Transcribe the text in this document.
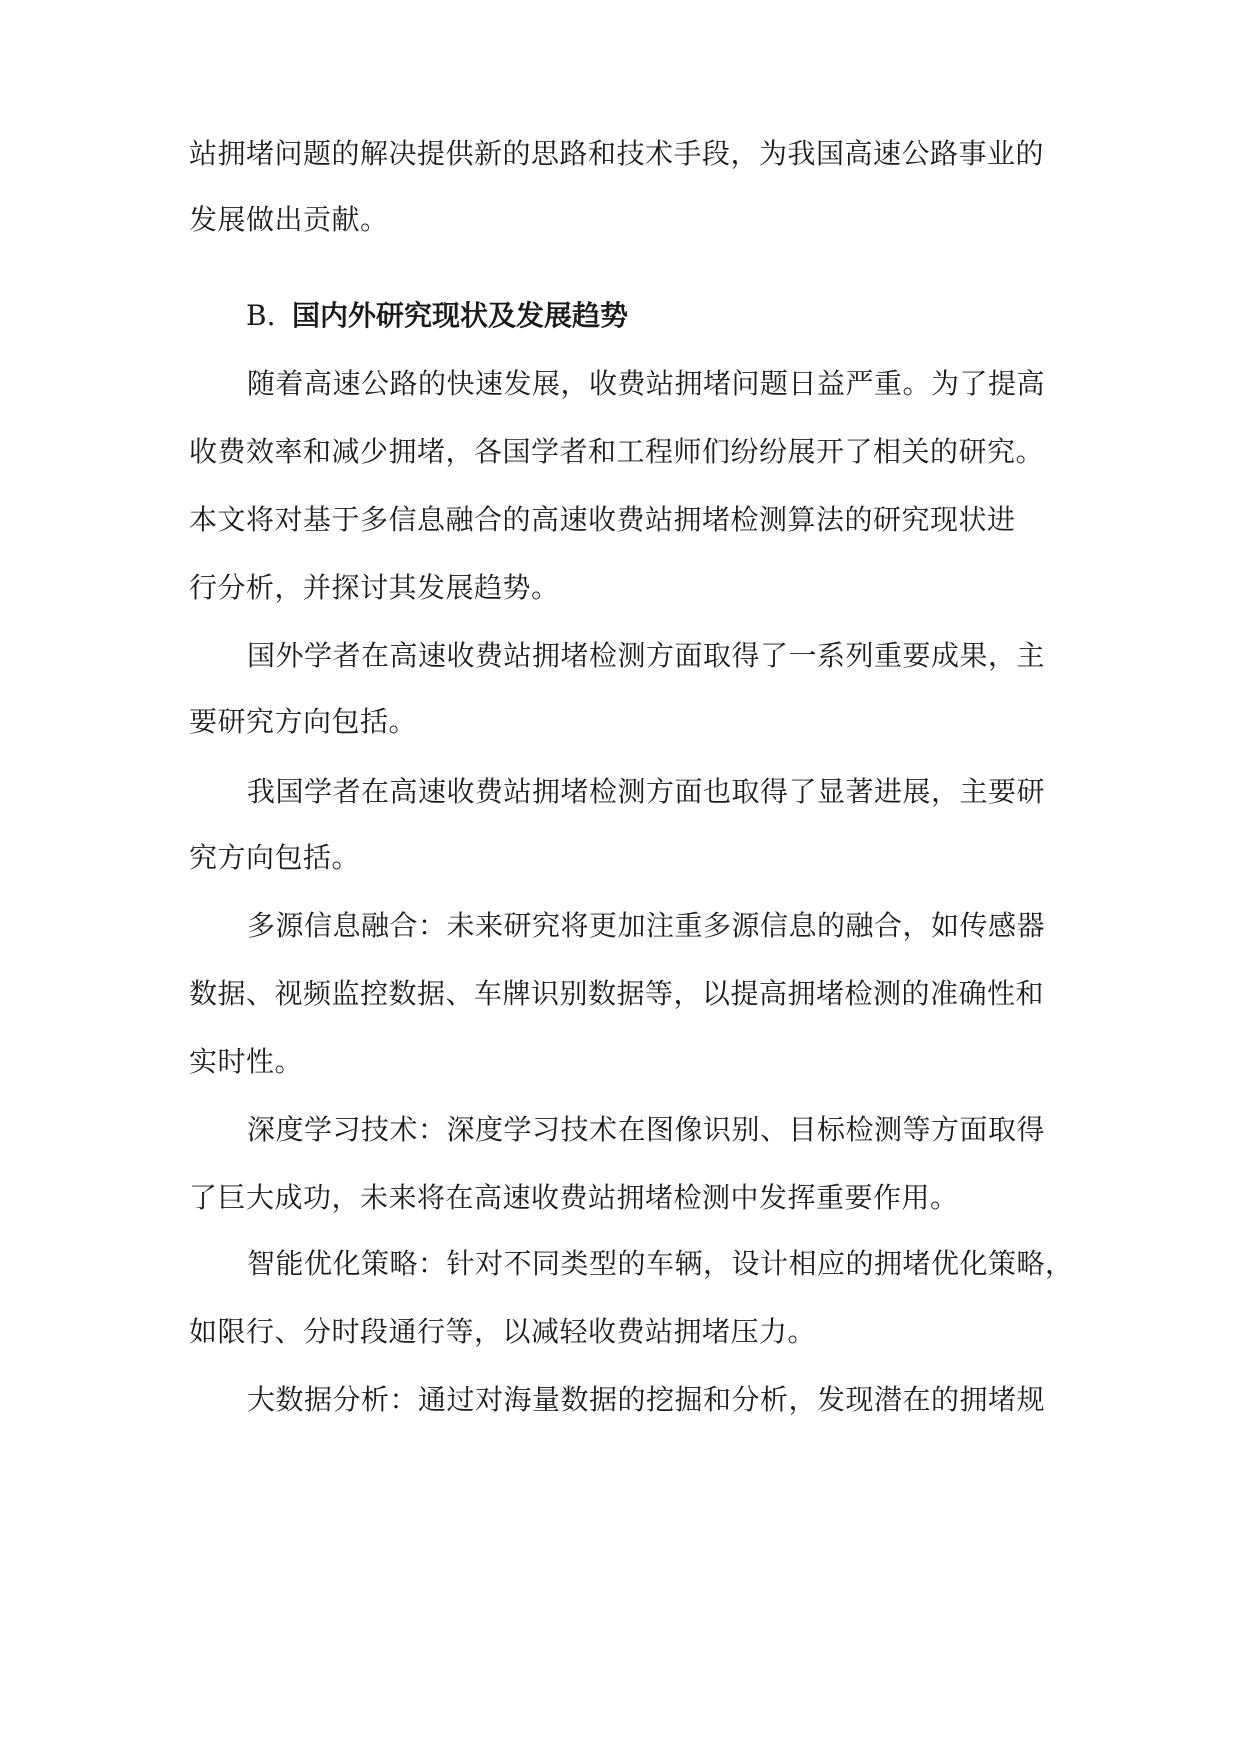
站拥堵问题的解决提供新的思路和技术手段，为我国高速公路事业的
发展做出贡献。
B. 国内外研究现状及发展趋势
随着高速公路的快速发展，收费站拥堵问题日益严重。为了提高
收费效率和减少拥堵，各国学者和工程师们纷纷展开了相关的研究。
本文将对基于多信息融合的高速收费站拥堵检测算法的研究现状进
行分析，并探讨其发展趋势。
国外学者在高速收费站拥堵检测方面取得了一系列重要成果，主
要研究方向包括。
我国学者在高速收费站拥堵检测方面也取得了显著进展，主要研
究方向包括。
多源信息融合：未来研究将更加注重多源信息的融合，如传感器
数据、视频监控数据、车牌识别数据等，以提高拥堵检测的准确性和
实时性。
深度学习技术：深度学习技术在图像识别、目标检测等方面取得
了巨大成功，未来将在高速收费站拥堵检测中发挥重要作用。
智能优化策略：针对不同类型的车辆，设计相应的拥堵优化策略，
如限行、分时段通行等，以减轻收费站拥堵压力。
大数据分析：通过对海量数据的挖掘和分析，发现潜在的拥堵规
